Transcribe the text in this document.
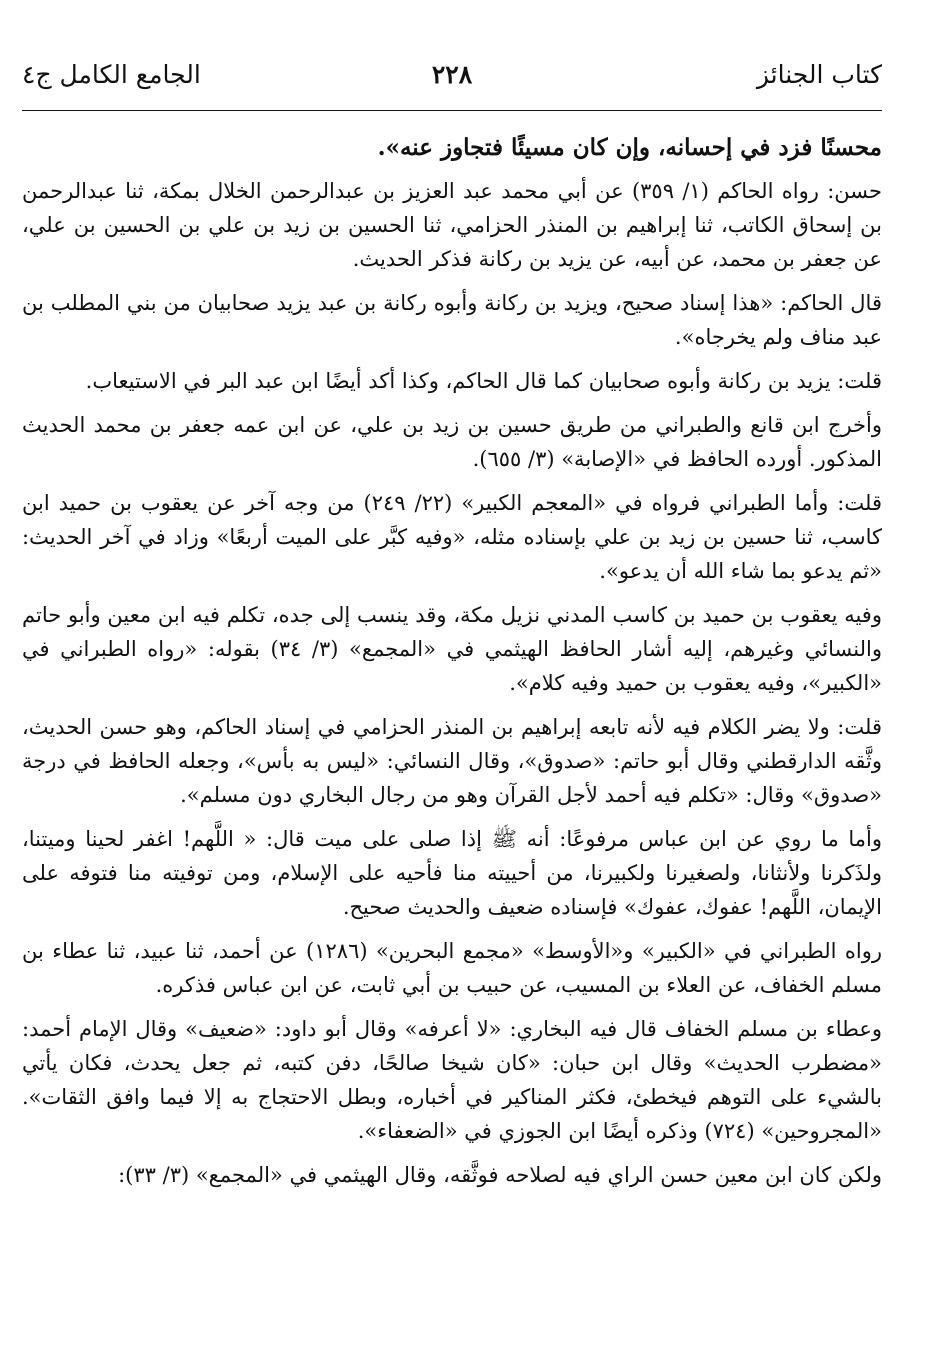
كتاب الجنائز
٢٢٨
الجامع الكامل ج٤

محسنًا فزد في إحسانه، وإن كان مسيئًا فتجاوز عنه».

حسن: رواه الحاكم (١/ ٣٥٩) عن أبي محمد عبد العزيز بن عبدالرحمن الخلال بمكة، ثنا عبدالرحمن بن إسحاق الكاتب، ثنا إبراهيم بن المنذر الحزامي، ثنا الحسين بن زيد بن علي بن الحسين بن علي، عن جعفر بن محمد، عن أبيه، عن يزيد بن ركانة فذكر الحديث.

قال الحاكم: «هذا إسناد صحيح، ويزيد بن ركانة وأبوه ركانة بن عبد يزيد صحابيان من بني المطلب بن عبد مناف ولم يخرجاه».

قلت: يزيد بن ركانة وأبوه صحابيان كما قال الحاكم، وكذا أكد أيضًا ابن عبد البر في الاستيعاب.

وأخرج ابن قانع والطبراني من طريق حسين بن زيد بن علي، عن ابن عمه جعفر بن محمد الحديث المذكور. أورده الحافظ في «الإصابة» (٣/ ٦٥٥).

قلت: وأما الطبراني فرواه في «المعجم الكبير» (٢٢/ ٢٤٩) من وجه آخر عن يعقوب بن حميد ابن كاسب، ثنا حسين بن زيد بن علي بإسناده مثله، «وفيه كبَّر على الميت أربعًا» وزاد في آخر الحديث: «ثم يدعو بما شاء الله أن يدعو».

وفيه يعقوب بن حميد بن كاسب المدني نزيل مكة، وقد ينسب إلى جده، تكلم فيه ابن معين وأبو حاتم والنسائي وغيرهم، إليه أشار الحافظ الهيثمي في «المجمع» (٣/ ٣٤) بقوله: «رواه الطبراني في «الكبير»، وفيه يعقوب بن حميد وفيه كلام».

قلت: ولا يضر الكلام فيه لأنه تابعه إبراهيم بن المنذر الحزامي في إسناد الحاكم، وهو حسن الحديث، وثَّقه الدارقطني وقال أبو حاتم: «صدوق»، وقال النسائي: «ليس به بأس»، وجعله الحافظ في درجة «صدوق» وقال: «تكلم فيه أحمد لأجل القرآن وهو من رجال البخاري دون مسلم».

وأما ما روي عن ابن عباس مرفوعًا: أنه ﷺ إذا صلى على ميت قال: « اللَّهم! اغفر لحينا وميتنا، ولذَكرنا ولأنثانا، ولصغيرنا ولكبيرنا، من أحييته منا فأحيه على الإسلام، ومن توفيته منا فتوفه على الإيمان، اللَّهم! عفوك، عفوك» فإسناده ضعيف والحديث صحيح.

رواه الطبراني في «الكبير» و«الأوسط» «مجمع البحرين» (١٢٨٦) عن أحمد، ثنا عبيد، ثنا عطاء بن مسلم الخفاف، عن العلاء بن المسيب، عن حبيب بن أبي ثابت، عن ابن عباس فذكره.

وعطاء بن مسلم الخفاف قال فيه البخاري: «لا أعرفه» وقال أبو داود: «ضعيف» وقال الإمام أحمد: «مضطرب الحديث» وقال ابن حبان: «كان شيخا صالحًا، دفن كتبه، ثم جعل يحدث، فكان يأتي بالشيء على التوهم فيخطئ، فكثر المناكير في أخباره، وبطل الاحتجاج به إلا فيما وافق الثقات». «المجروحين» (٧٢٤) وذكره أيضًا ابن الجوزي في «الضعفاء».

ولكن كان ابن معين حسن الراي فيه لصلاحه فوثَّقه، وقال الهيثمي في «المجمع» (٣/ ٣٣):
